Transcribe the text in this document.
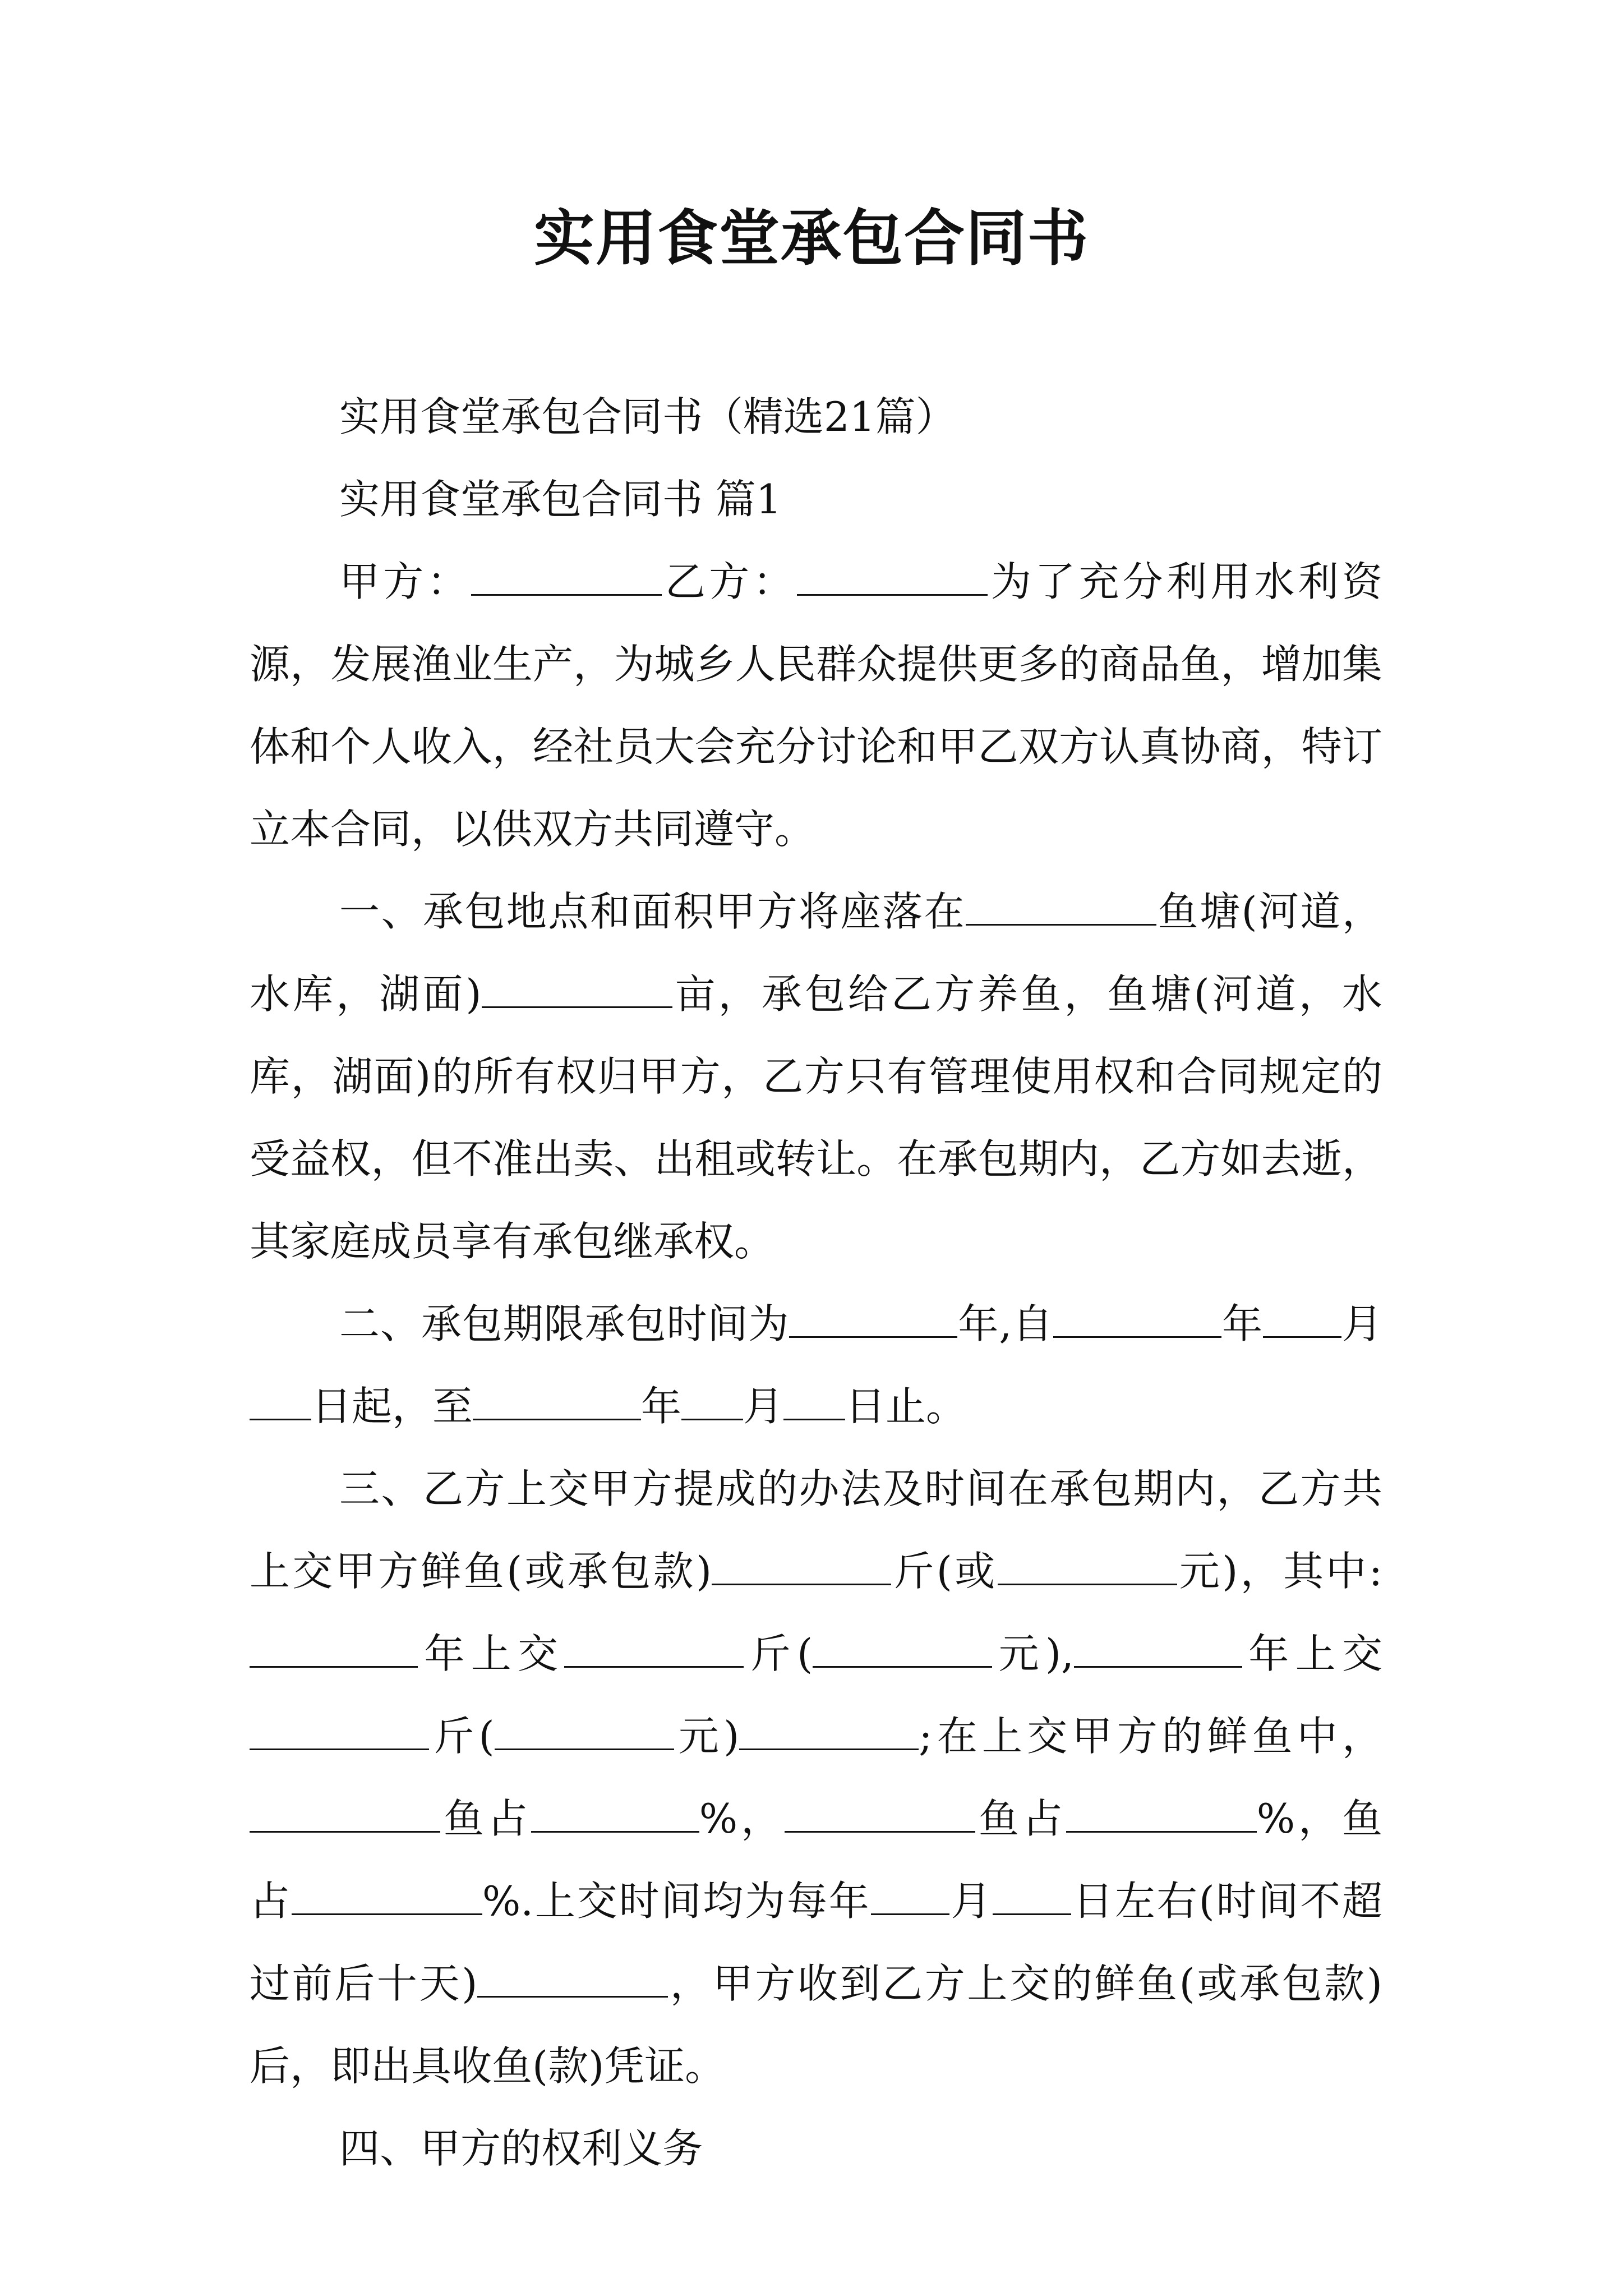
实用食堂承包合同书

实用食堂承包合同书（精选21篇）

实用食堂承包合同书 篇1

甲方：	乙方：	为了充分利用水利资源，发展渔业生产，为城乡人民群众提供更多的商品鱼，增加集体和个人收入，经社员大会充分讨论和甲乙双方认真协商，特订立本合同，以供双方共同遵守。

一、承包地点和面积甲方将座落在	鱼塘(河道，水库，湖面)	亩，承包给乙方养鱼，鱼塘(河道，水库，湖面)的所有权归甲方，乙方只有管理使用权和合同规定的受益权，但不准出卖、出租或转让。在承包期内，乙方如去逝，其家庭成员享有承包继承权。

二、承包期限承包时间为	年,自	年 月日起，至	年 月 日止。

三、乙方上交甲方提成的办法及时间在承包期内，乙方共上交甲方鲜鱼(或承包款)	斤(或	元)，其中:年上交	斤(	元),	年上交斤(	元)	;在上交甲方的鲜鱼中，鱼占	%，	鱼占	%，鱼占	%.上交时间均为每年 月 日左右(时间不超过前后十天)	，甲方收到乙方上交的鲜鱼(或承包款)后，即出具收鱼(款)凭证。

四、甲方的权利义务
